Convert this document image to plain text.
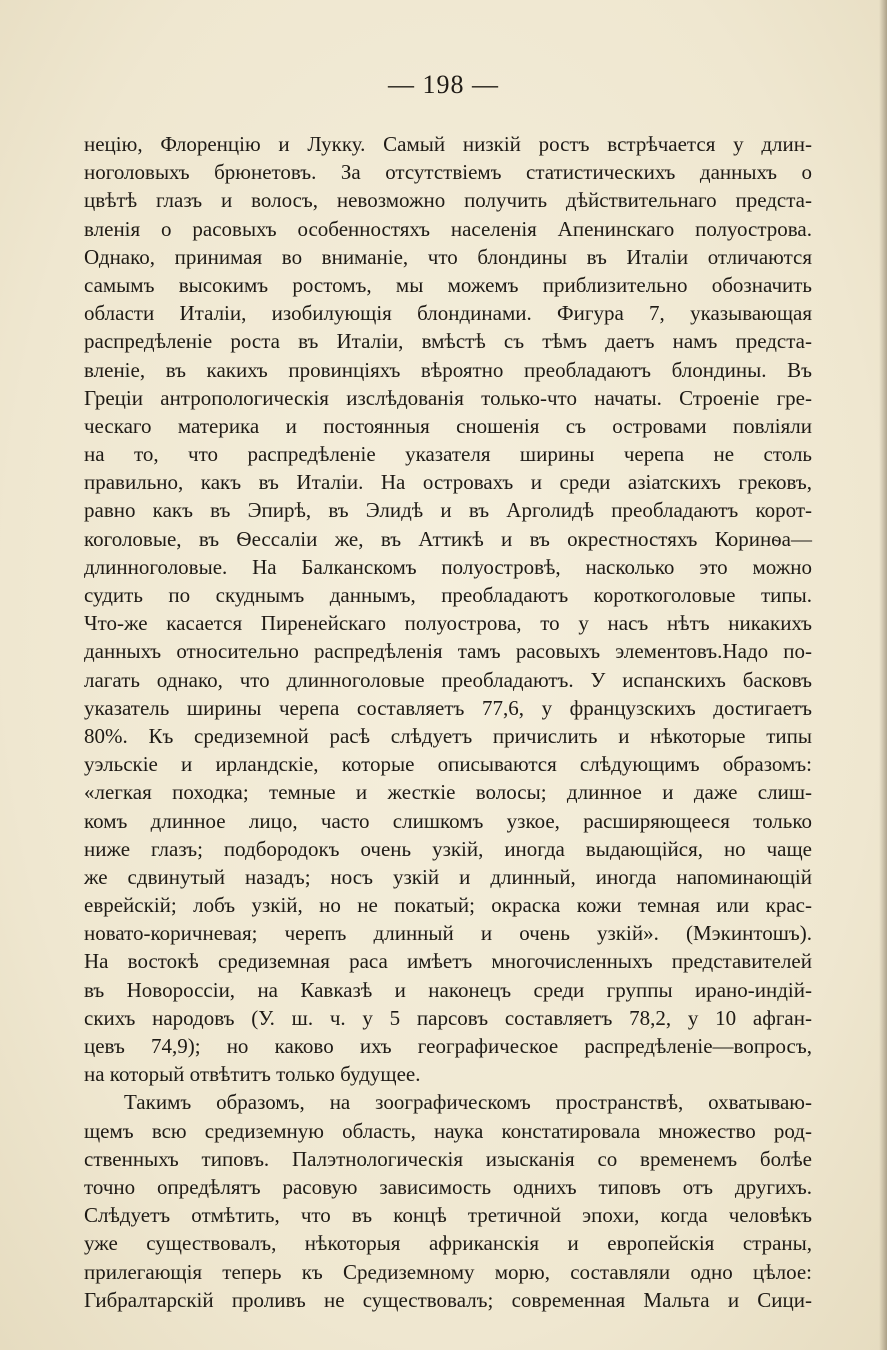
— 198 —
нецію, Флоренцію и Лукку. Самый низкій ростъ встрѣчается у длин-
ноголовыхъ брюнетовъ. За отсутствіемъ статистическихъ данныхъ о
цвѣтѣ глазъ и волосъ, невозможно получить дѣйствительнаго предста-
вленія о расовыхъ особенностяхъ населенія Апенинскаго полуострова.
Однако, принимая во вниманіе, что блондины въ Италіи отличаются
самымъ высокимъ ростомъ, мы можемъ приблизительно обозначить
области Италіи, изобилующія блондинами. Фигура 7, указывающая
распредѣленіе роста въ Италіи, вмѣстѣ съ тѣмъ даетъ намъ предста-
вленіе, въ какихъ провинціяхъ вѣроятно преобладаютъ блондины. Въ
Греціи антропологическія изслѣдованія только-что начаты. Строеніе гре-
ческаго материка и постоянныя сношенія съ островами повліяли
на то, что распредѣленіе указателя ширины черепа не столь
правильно, какъ въ Италіи. На островахъ и среди азіатскихъ грековъ,
равно какъ въ Эпирѣ, въ Элидѣ и въ Арголидѣ преобладаютъ корот-
коголовые, въ Ѳессаліи же, въ Аттикѣ и въ окрестностяхъ Коринѳа—
длинноголовые. На Балканскомъ полуостровѣ, насколько это можно
судить по скуднымъ даннымъ, преобладаютъ короткоголовые типы.
Что-же касается Пиренейскаго полуострова, то у насъ нѣтъ никакихъ
данныхъ относительно распредѣленія тамъ расовыхъ элементовъ.Надо по-
лагать однако, что длинноголовые преобладаютъ. У испанскихъ басковъ
указатель ширины черепа составляетъ 77,6, у французскихъ достигаетъ
80%. Къ средиземной расѣ слѣдуетъ причислить и нѣкоторые типы
уэльскіе и ирландскіе, которые описываются слѣдующимъ образомъ:
«легкая походка; темные и жесткіе волосы; длинное и даже слиш-
комъ длинное лицо, часто слишкомъ узкое, расширяющееся только
ниже глазъ; подбородокъ очень узкій, иногда выдающійся, но чаще
же сдвинутый назадъ; носъ узкій и длинный, иногда напоминающій
еврейскій; лобъ узкій, но не покатый; окраска кожи темная или крас-
новато-коричневая; черепъ длинный и очень узкій». (Мэкинтошъ).
На востокѣ средиземная раса имѣетъ многочисленныхъ представителей
въ Новороссіи, на Кавказѣ и наконецъ среди группы ирано-индій-
скихъ народовъ (У. ш. ч. у 5 парсовъ составляетъ 78,2, у 10 афган-
цевъ 74,9); но каково ихъ географическое распредѣленіе—вопросъ,
на который отвѣтитъ только будущее.
Такимъ образомъ, на зоографическомъ пространствѣ, охватываю-
щемъ всю средиземную область, наука констатировала множество род-
ственныхъ типовъ. Палэтнологическія изысканія со временемъ болѣе
точно опредѣлятъ расовую зависимость однихъ типовъ отъ другихъ.
Слѣдуетъ отмѣтить, что въ концѣ третичной эпохи, когда человѣкъ
уже существовалъ, нѣкоторыя африканскія и европейскія страны,
прилегающія теперь къ Средиземному морю, составляли одно цѣлое:
Гибралтарскій проливъ не существовалъ; современная Мальта и Сици-
